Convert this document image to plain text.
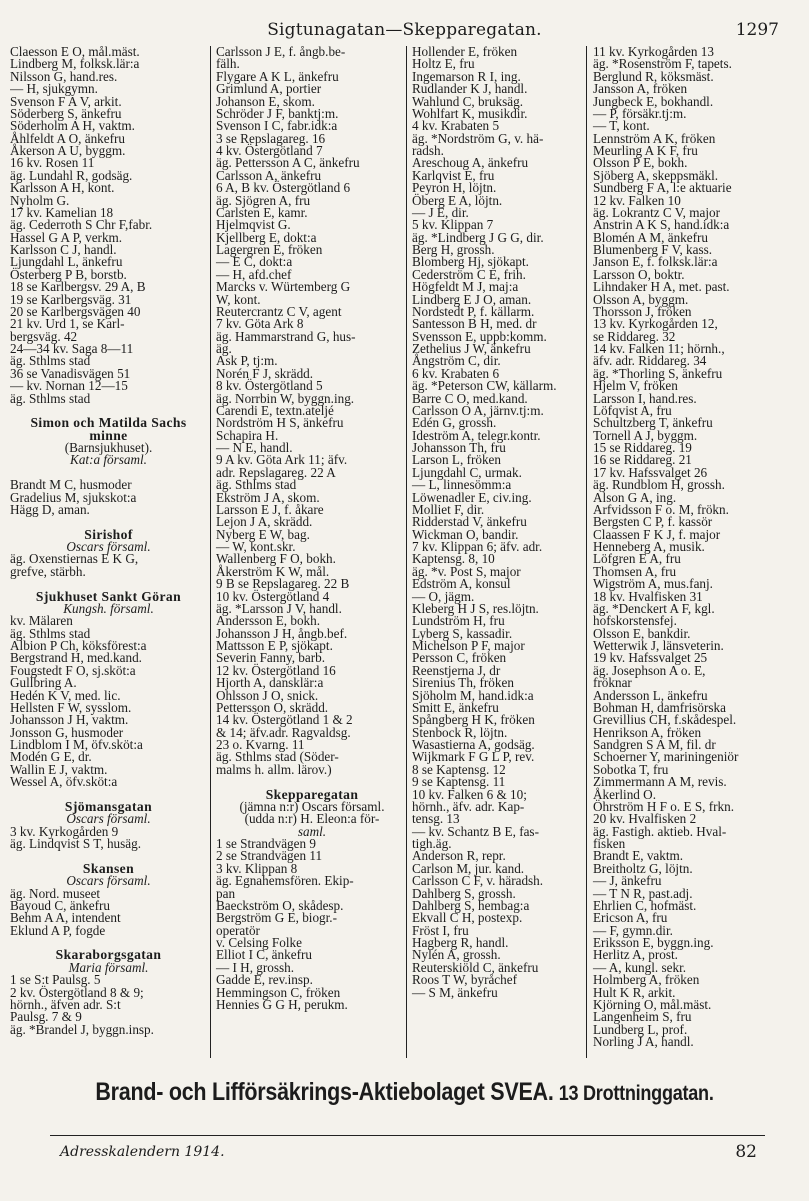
Sigtunagatan—Skepparegatan.	1297
Claesson E O, mål.mäst.
Lindberg M, folksk.lär:a
Nilsson G, hand.res.
— H, sjukgymn.
Svenson F A V, arkit.
Söderberg S, änkefru
Söderholm A H, vaktm.
Åhlfeldt A O, änkefru
Åkerson A U, byggm.
16 kv. Rosen 11
äg. Lundahl R, godsäg.
Karlsson A H, kont.
Nyholm G.
17 kv. Kamelian 18
äg. Cederroth S Chr F,fabr.
Hassel G A P, verkm.
Karlsson C J, handl.
Ljungdahl L, änkefru
Österberg P B, borstb.
18 se Karlbergsv. 29 A, B
19 se Karlbergsväg. 31
20 se Karlbergsvägen 40
21 kv. Urd 1, se Karl-
bergsväg. 42
24—34 kv. Saga 8—11
äg. Sthlms stad
36 se Vanadisvägen 51
— kv. Nornan 12—15
äg. Sthlms stad
Simon och Matilda Sachs
minne
(Barnsjukhuset).
Kat:a församl.
Brandt M C, husmoder
Gradelius M, sjukskot:a
Hägg D, aman.
Sirishof
Oscars församl.
äg. Oxenstiernas E K G,
grefve, stärbh.
Sjukhuset Sankt Göran
Kungsh. församl.
kv. Mälaren
äg. Sthlms stad
Albion P Ch, köksförest:a
Bergstrand H, med.kand.
Fougstedt F O, sj.sköt:a
Gullbring A.
Hedén K V, med. lic.
Hellsten F W, sysslom.
Johansson J H, vaktm.
Jonsson G, husmoder
Lindblom I M, öfv.sköt:a
Modén G E, dr.
Wallin E J, vaktm.
Wessel A, öfv.sköt:a
Sjömansgatan
Oscars församl.
3 kv. Kyrkogården 9
äg. Lindqvist S T, husäg.
Skansen
Oscars församl.
äg. Nord. museet
Bayoud C, änkefru
Behm A A, intendent
Eklund A P, fogde
Skaraborgsgatan
Maria församl.
1 se S:t Paulsg. 5
2 kv. Östergötland 8 & 9;
hörnh., äfven adr. S:t
Paulsg. 7 & 9
äg. *Brandel J, byggn.insp.
Carlsson J E, f. ångb.be-
fälh.
Flygare A K L, änkefru
Grimlund A, portier
Johanson E, skom.
Schröder J F, banktj:m.
Svenson I C, fabr.idk:a
3 se Repslagareg. 16
4 kv. Östergötland 7
äg. Pettersson A C, änkefru
Carlsson A, änkefru
6 A, B kv. Östergötland 6
äg. Sjögren A, fru
Carlsten E, kamr.
Hjelmqvist G.
Kjellberg E, dokt:a
Lagergren E, fröken
— E C, dokt:a
— H, afd.chef
Marcks v. Würtemberg G
W, kont.
Reutercrantz C V, agent
7 kv. Göta Ark 8
äg. Hammarstrand G, hus-
äg.
Ask P, tj:m.
Norén F J, skrädd.
8 kv. Östergötland 5
äg. Norrbin W, byggn.ing.
Carendi E, textn.ateljé
Nordström H S, änkefru
Schapira H.
— N E, handl.
9 A kv. Göta Ark 11; äfv.
adr. Repslagareg. 22 A
äg. Sthlms stad
Ekström J A, skom.
Larsson E J, f. åkare
Lejon J A, skrädd.
Nyberg E W, bag.
— W, kont.skr.
Wallenberg F O, bokh.
Åkerström K W, mål.
9 B se Repslagareg. 22 B
10 kv. Östergötland 4
äg. *Larsson J V, handl.
Andersson E, bokh.
Johansson J H, ångb.bef.
Mattsson E P, sjökapt.
Severin Fanny, barb.
12 kv. Östergötland 16
Hjorth A, dansklär:a
Ohlsson J O, snick.
Pettersson O, skrädd.
14 kv. Östergötland 1 & 2
& 14; äfv.adr. Ragvaldsg.
23 o. Kvarng. 11
äg. Sthlms stad (Söder-
malms h. allm. lärov.)
Skepparegatan
(jämna n:r) Oscars församl.
(udda n:r) H. Eleon:a för-
saml.
1 se Strandvägen 9
2 se Strandvägen 11
3 kv. Klippan 8
äg. Egnahemsfören. Ekip-
pan
Baeckström O, skådesp.
Bergström G E, biogr.-
operatör
v. Celsing Folke
Elliot I C, änkefru
— I H, grossh.
Gadde E, rev.insp.
Hemmingson C, fröken
Hennies G G H, perukm.
Hollender E, fröken
Holtz E, fru
Ingemarson R I, ing.
Rudlander K J, handl.
Wahlund C, bruksäg.
Wohlfart K, musikdir.
4 kv. Krabaten 5
äg. *Nordström G, v. hä-
radsh.
Areschoug A, änkefru
Karlqvist E, fru
Peyron H, löjtn.
Öberg E A, löjtn.
— J E, dir.
5 kv. Klippan 7
äg. *Lindberg J G G, dir.
Berg H, grossh.
Blomberg Hj, sjökapt.
Cederström C E, frih.
Högfeldt M J, maj:a
Lindberg E J O, aman.
Nordstedt P, f. källarm.
Santesson B H, med. dr
Svensson E, uppb:komm.
Zethelius J W, änkefru
Ångström C, dir.
6 kv. Krabaten 6
äg. *Peterson CW, källarm.
Barre C O, med.kand.
Carlsson O A, järnv.tj:m.
Edén G, grossh.
Ideström A, telegr.kontr.
Johansson Th, fru
Larson L, fröken
Ljungdahl C, urmak.
— L, linnesömm:a
Löwenadler E, civ.ing.
Molliet F, dir.
Ridderstad V, änkefru
Wickman O, bandir.
7 kv. Klippan 6; äfv. adr.
Kaptensg. 8, 10
äg. *v. Post S, major
Edström A, konsul
— O, jägm.
Kleberg H J S, res.löjtn.
Lundström H, fru
Lyberg S, kassadir.
Michelson P F, major
Persson C, fröken
Reenstjerna J, dr
Sirenius Th, fröken
Sjöholm M, hand.idk:a
Smitt E, änkefru
Spångberg H K, fröken
Stenbock R, löjtn.
Wasastierna A, godsäg.
Wijkmark F G L P, rev.
8 se Kaptensg. 12
9 se Kaptensg. 11
10 kv. Falken 6 & 10;
hörnh., äfv. adr. Kap-
tensg. 13
— kv. Schantz B E, fas-
tigh.äg.
Anderson R, repr.
Carlson M, jur. kand.
Carlsson C F, v. häradsh.
Dahlberg S, grossh.
Dahlberg S, hembag:a
Ekvall C H, postexp.
Fröst I, fru
Hagberg R, handl.
Nylén A, grossh.
Reuterskiöld C, änkefru
Roos T W, byråchef
— S M, änkefru
11 kv. Kyrkogården 13
äg. *Rosenström F, tapets.
Berglund R, köksmäst.
Jansson A, fröken
Jungbeck E, bokhandl.
— P, försäkr.tj:m.
— T, kont.
Lennström A K, fröken
Meurling A K F, fru
Olsson P E, bokh.
Sjöberg A, skeppsmäkl.
Sundberg F A, l:e aktuarie
12 kv. Falken 10
äg. Lokrantz C V, major
Anstrin A K S, hand.idk:a
Blomén A M, änkefru
Blumenberg F V, kass.
Janson E, f. folksk.lär:a
Larsson O, boktr.
Lihndaker H A, met. past.
Olsson A, byggm.
Thorsson J, fröken
13 kv. Kyrkogården 12,
se Riddareg. 32
14 kv. Falken 11; hörnh.,
äfv. adr. Riddareg. 34
äg. *Thorling S, änkefru
Hjelm V, fröken
Larsson I, hand.res.
Löfqvist A, fru
Schultzberg T, änkefru
Tornell A J, byggm.
15 se Riddareg. 19
16 se Riddareg. 21
17 kv. Hafssvalget 26
äg. Rundblom H, grossh.
Alson G A, ing.
Arfvidsson F o. M, frökn.
Bergsten C P, f. kassör
Claassen F K J, f. major
Henneberg A, musik.
Löfgren E A, fru
Thomsen A, fru
Wigström A, mus.fanj.
18 kv. Hvalfisken 31
äg. *Denckert A F, kgl.
hofskorstensfej.
Olsson E, bankdir.
Wetterwik J, länsveterin.
19 kv. Hafssvalget 25
äg. Josephson A o. E,
fröknar
Andersson L, änkefru
Bohman H, damfrisörska
Grevillius CH, f.skådespel.
Henrikson A, fröken
Sandgren S A M, fil. dr
Schoerner Y, mariningeniör
Sobotka T, fru
Zimmermann A M, revis.
Åkerlind O.
Öhrström H F o. E S, frkn.
20 kv. Hvalfisken 2
äg. Fastigh. aktieb. Hval-
fisken
Brandt E, vaktm.
Breitholtz G, löjtn.
— J, änkefru
— T N R, past.adj.
Ehrlien C, hofmäst.
Ericson A, fru
— F, gymn.dir.
Eriksson E, byggn.ing.
Herlitz A, prost.
— A, kungl. sekr.
Holmberg A, fröken
Hult K R, arkit.
Kjörning O, mål.mäst.
Langenheim S, fru
Lundberg L, prof.
Norling J A, handl.
Brand- och Lifförsäkrings-Aktiebolaget SVEA. 13 Drottninggatan.
Adresskalendern 1914.	82
